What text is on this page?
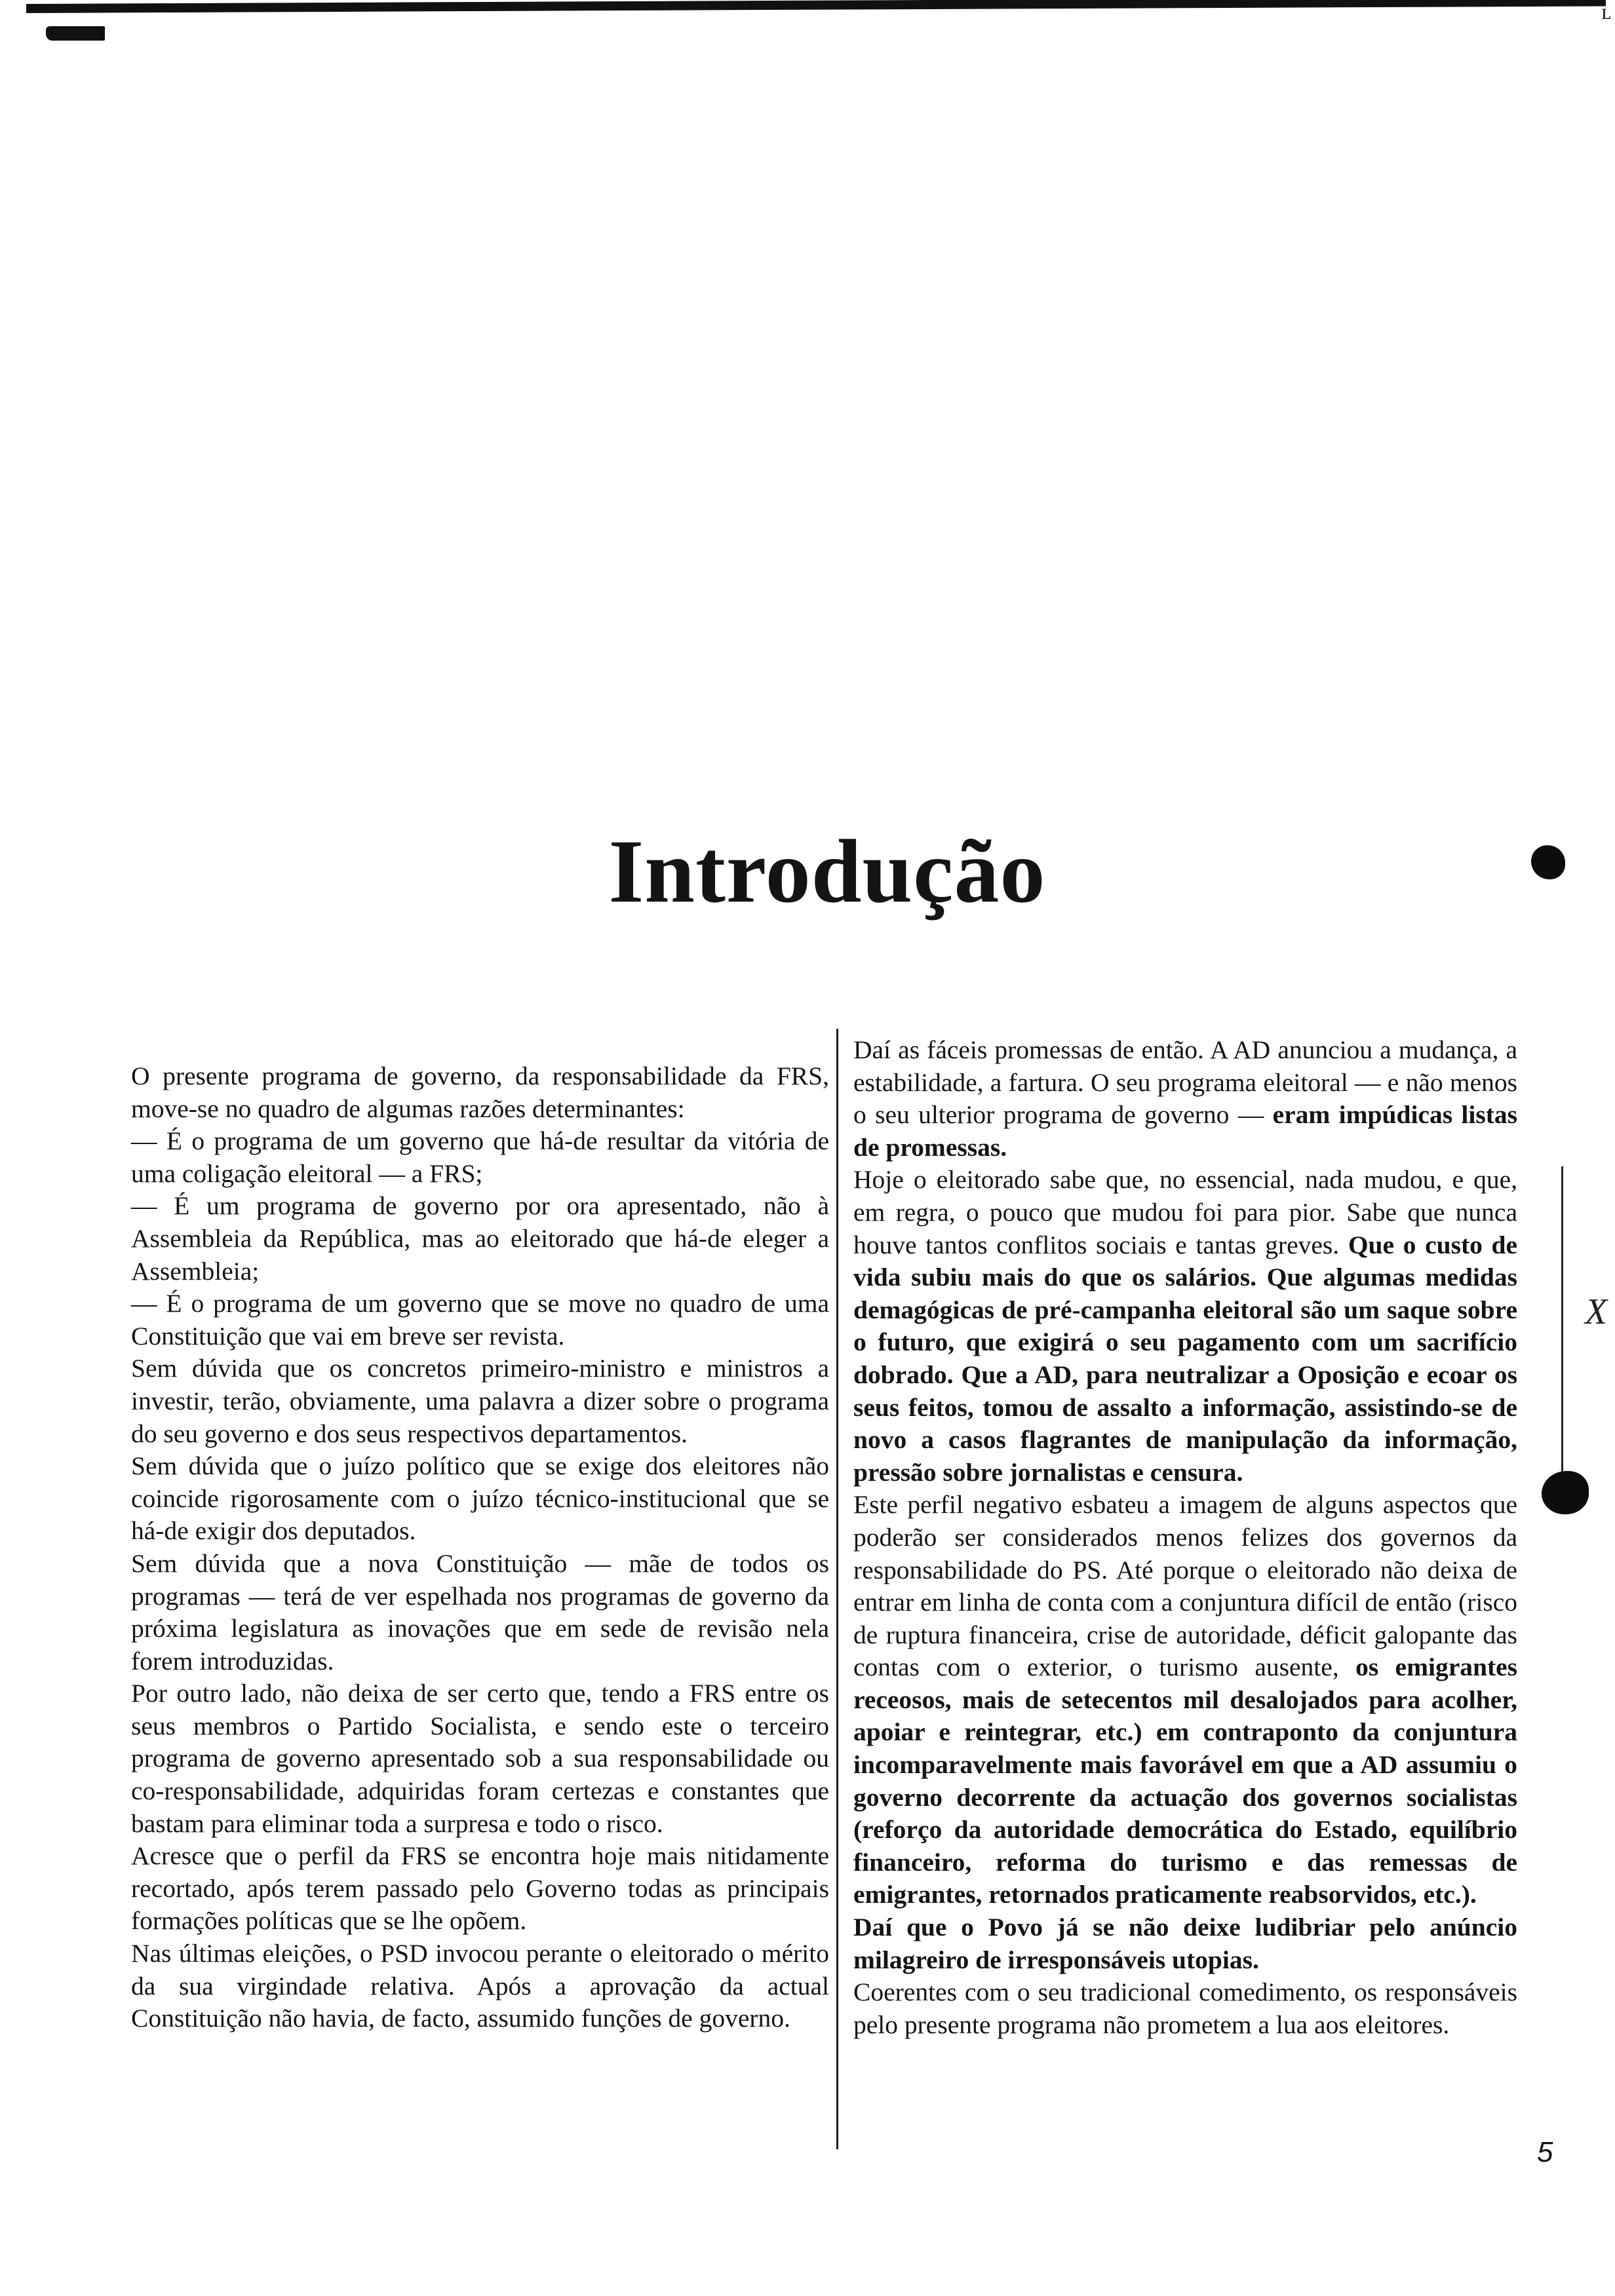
ʟ
Introdução

O presente programa de governo, da responsabilidade da FRS, move-se no quadro de algumas razões determinantes:

— É o programa de um governo que há-de resultar da vitória de uma coligação eleitoral — a FRS;

— É um programa de governo por ora apresentado, não à Assembleia da República, mas ao eleitorado que há-de eleger a Assembleia;

— É o programa de um governo que se move no quadro de uma Constituição que vai em breve ser revista.

Sem dúvida que os concretos primeiro-ministro e ministros a investir, terão, obviamente, uma palavra a dizer sobre o programa do seu governo e dos seus respectivos departamentos.

Sem dúvida que o juízo político que se exige dos eleitores não coincide rigorosamente com o juízo técnico-institucional que se há-de exigir dos deputados.

Sem dúvida que a nova Constituição — mãe de todos os programas — terá de ver espelhada nos programas de governo da próxima legislatura as inovações que em sede de revisão nela forem introduzidas.

Por outro lado, não deixa de ser certo que, tendo a FRS entre os seus membros o Partido Socialista, e sendo este o terceiro programa de governo apresentado sob a sua responsabilidade ou co-responsabilidade, adquiridas foram certezas e constantes que bastam para eliminar toda a surpresa e todo o risco.

Acresce que o perfil da FRS se encontra hoje mais nitidamente recortado, após terem passado pelo Governo todas as principais formações políticas que se lhe opõem.

Nas últimas eleições, o PSD invocou perante o eleitorado o mérito da sua virgindade relativa. Após a aprovação da actual Constituição não havia, de facto, assumido funções de governo.

Daí as fáceis promessas de então. A AD anunciou a mudança, a estabilidade, a fartura. O seu programa eleitoral — e não menos o seu ulterior programa de governo — eram impúdicas listas de promessas.

Hoje o eleitorado sabe que, no essencial, nada mudou, e que, em regra, o pouco que mudou foi para pior. Sabe que nunca houve tantos conflitos sociais e tantas greves. Que o custo de vida subiu mais do que os salários. Que algumas medidas demagógicas de pré-campanha eleitoral são um saque sobre o futuro, que exigirá o seu pagamento com um sacrifício dobrado. Que a AD, para neutralizar a Oposição e ecoar os seus feitos, tomou de assalto a informação, assistindo-se de novo a casos flagrantes de manipulação da informação, pressão sobre jornalistas e censura.

Este perfil negativo esbateu a imagem de alguns aspectos que poderão ser considerados menos felizes dos governos da responsabilidade do PS. Até porque o eleitorado não deixa de entrar em linha de conta com a conjuntura difícil de então (risco de ruptura financeira, crise de autoridade, déficit galopante das contas com o exterior, o turismo ausente, os emigrantes receosos, mais de setecentos mil desalojados para acolher, apoiar e reintegrar, etc.) em contraponto da conjuntura incomparavelmente mais favorável em que a AD assumiu o governo decorrente da actuação dos governos socialistas (reforço da autoridade democrática do Estado, equilíbrio financeiro, reforma do turismo e das remessas de emigrantes, retornados praticamente reabsorvidos, etc.).

Daí que o Povo já se não deixe ludibriar pelo anúncio milagreiro de irresponsáveis utopias.

Coerentes com o seu tradicional comedimento, os responsáveis pelo presente programa não prometem a lua aos eleitores.

X
5
